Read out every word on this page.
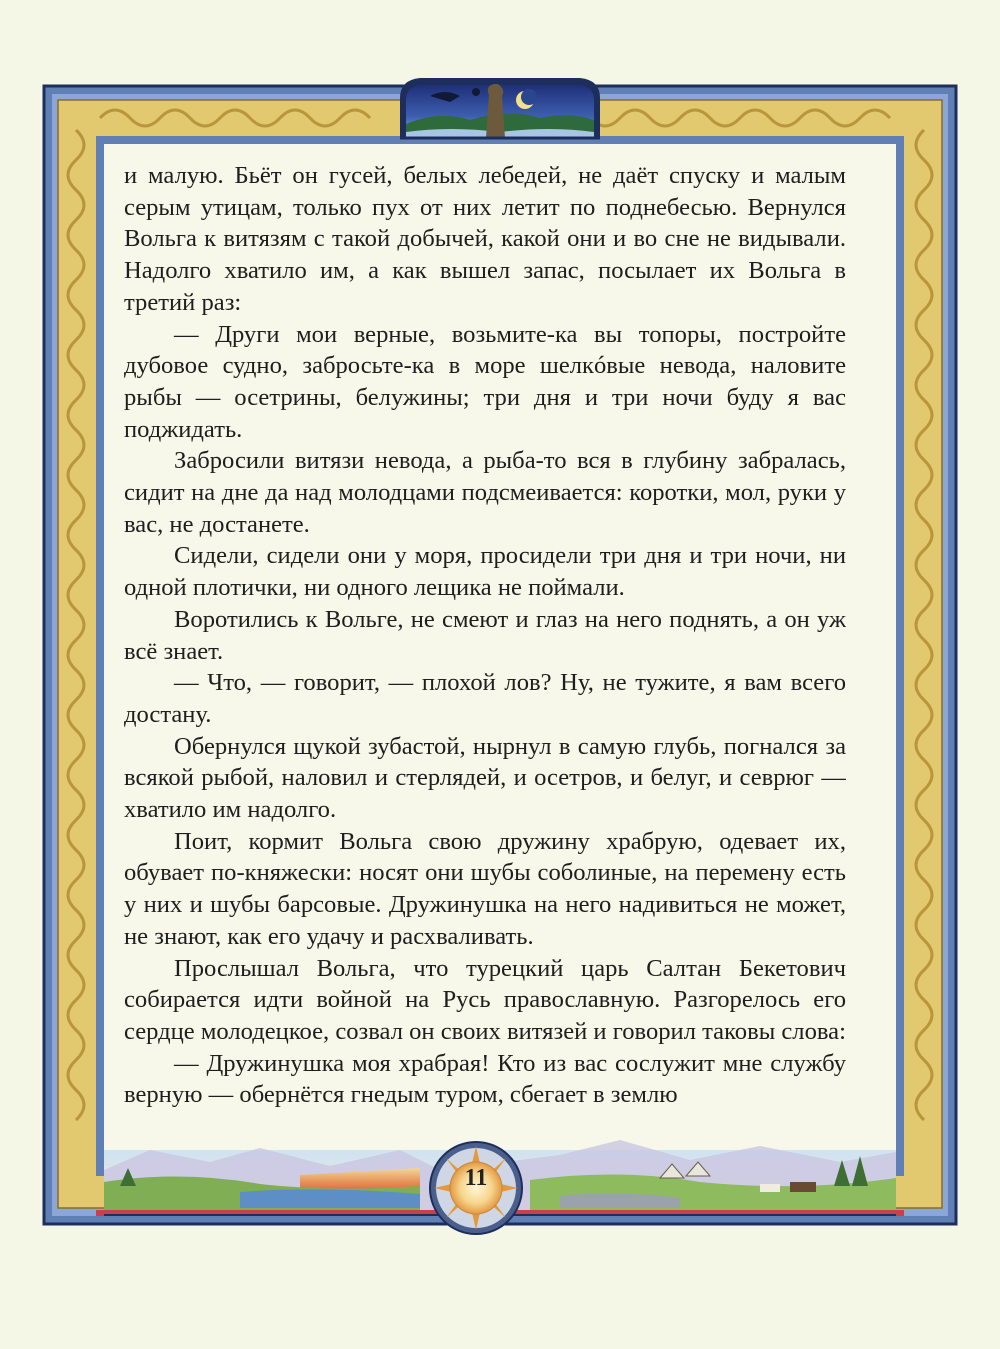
и малую. Бьёт он гусей, белых лебедей, не даёт спуску и малым серым утицам, только пух от них летит по поднебесью. Вернулся Вольга к витязям с такой добычей, какой они и во сне не видывали. Надолго хватило им, а как вышел запас, посылает их Вольга в третий раз:

— Други мои верные, возьмите-ка вы топоры, постройте дубовое судно, забросьте-ка в море шелкóвые невода, наловите рыбы — осетрины, белужины; три дня и три ночи буду я вас поджидать.

Забросили витязи невода, а рыба-то вся в глубину забралась, сидит на дне да над молодцами подсмеивается: коротки, мол, руки у вас, не достанете.

Сидели, сидели они у моря, просидели три дня и три ночи, ни одной плотички, ни одного лещика не поймали.

Воротились к Вольге, не смеют и глаз на него поднять, а он уж всё знает.

— Что, — говорит, — плохой лов? Ну, не тужите, я вам всего достану.

Обернулся щукой зубастой, нырнул в самую глубь, погнался за всякой рыбой, наловил и стерлядей, и осетров, и белуг, и севрюг — хватило им надолго.

Поит, кормит Вольга свою дружину храбрую, одевает их, обувает по-княжески: носят они шубы соболиные, на перемену есть у них и шубы барсовые. Дружинушка на него надивиться не может, не знают, как его удачу и расхваливать.

Прослышал Вольга, что турецкий царь Салтан Бекетович собирается идти войной на Русь православную. Разгорелось его сердце молодецкое, созвал он своих витязей и говорил таковы слова:

— Дружинушка моя храбрая! Кто из вас сослужит мне службу верную — обернётся гнедым туром, сбегает в землю

11
